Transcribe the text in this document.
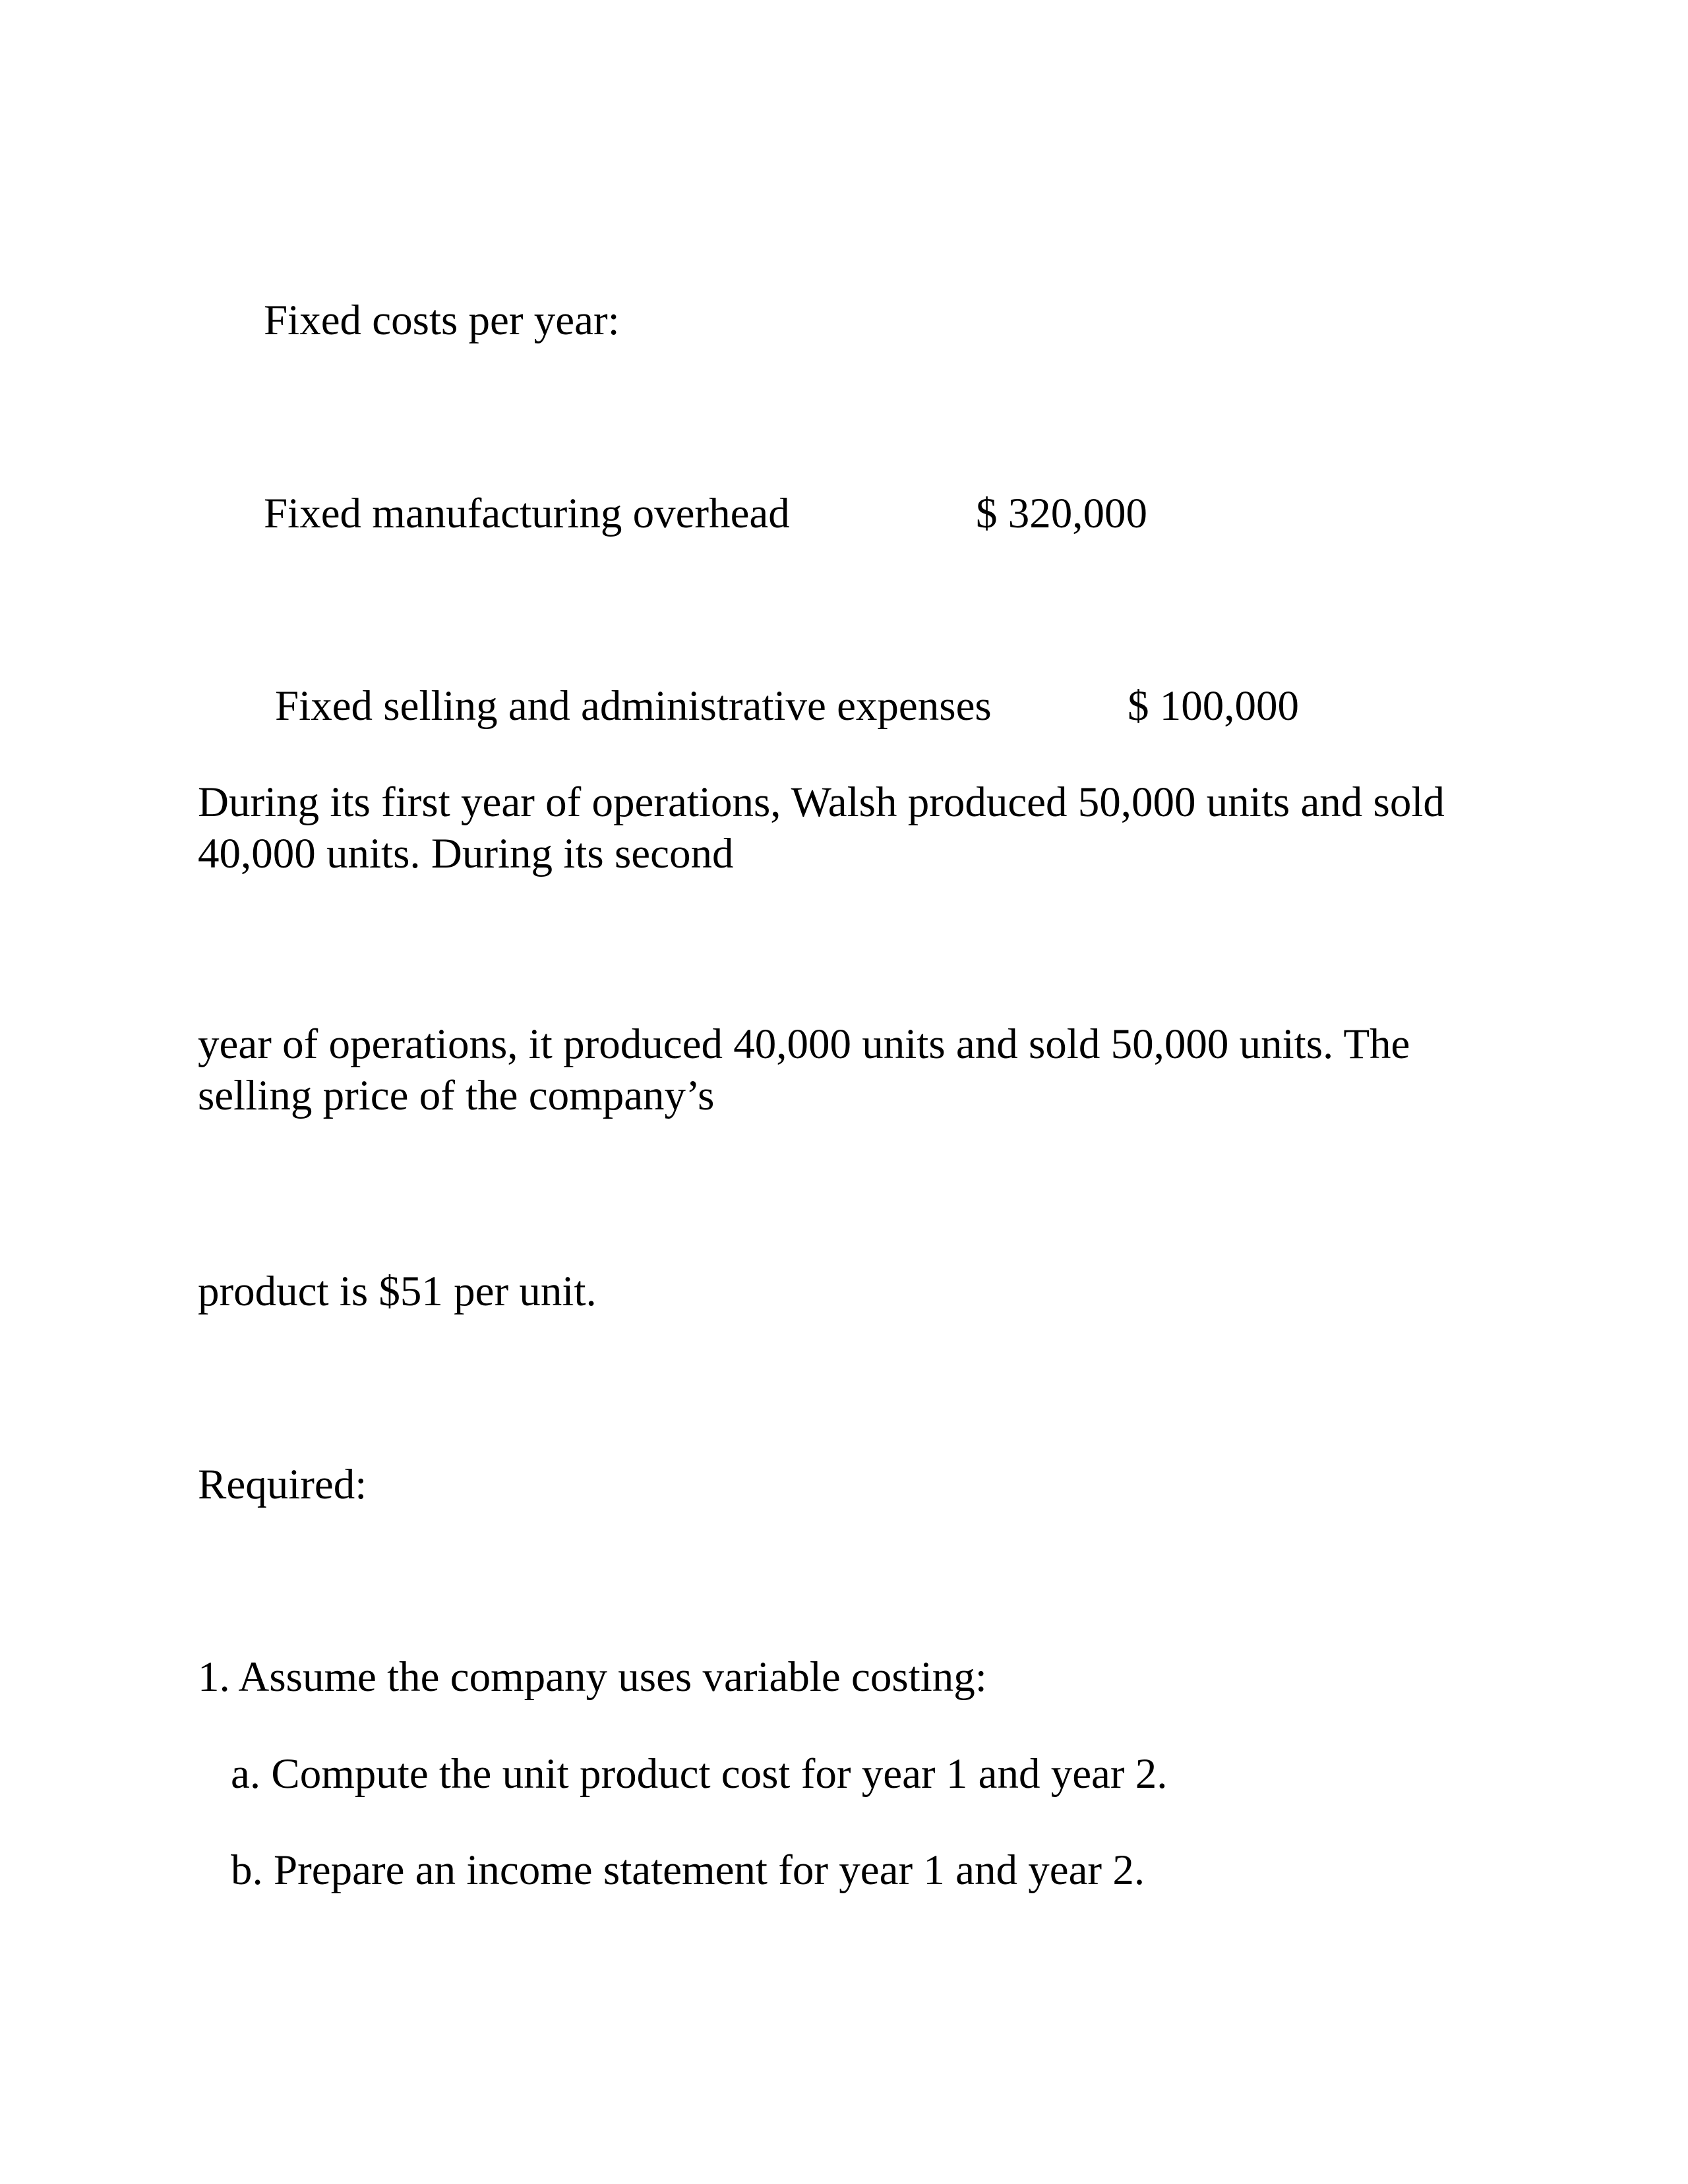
Fixed costs per year:

Fixed manufacturing overhead	$ 320,000

Fixed selling and administrative expenses	$ 100,000

During its first year of operations, Walsh produced 50,000 units and sold
40,000 units. During its second
year of operations, it produced 40,000 units and sold 50,000 units. The
selling price of the company’s
product is $51 per unit.

Required:

1. Assume the company uses variable costing:

a. Compute the unit product cost for year 1 and year 2.

b. Prepare an income statement for year 1 and year 2.
